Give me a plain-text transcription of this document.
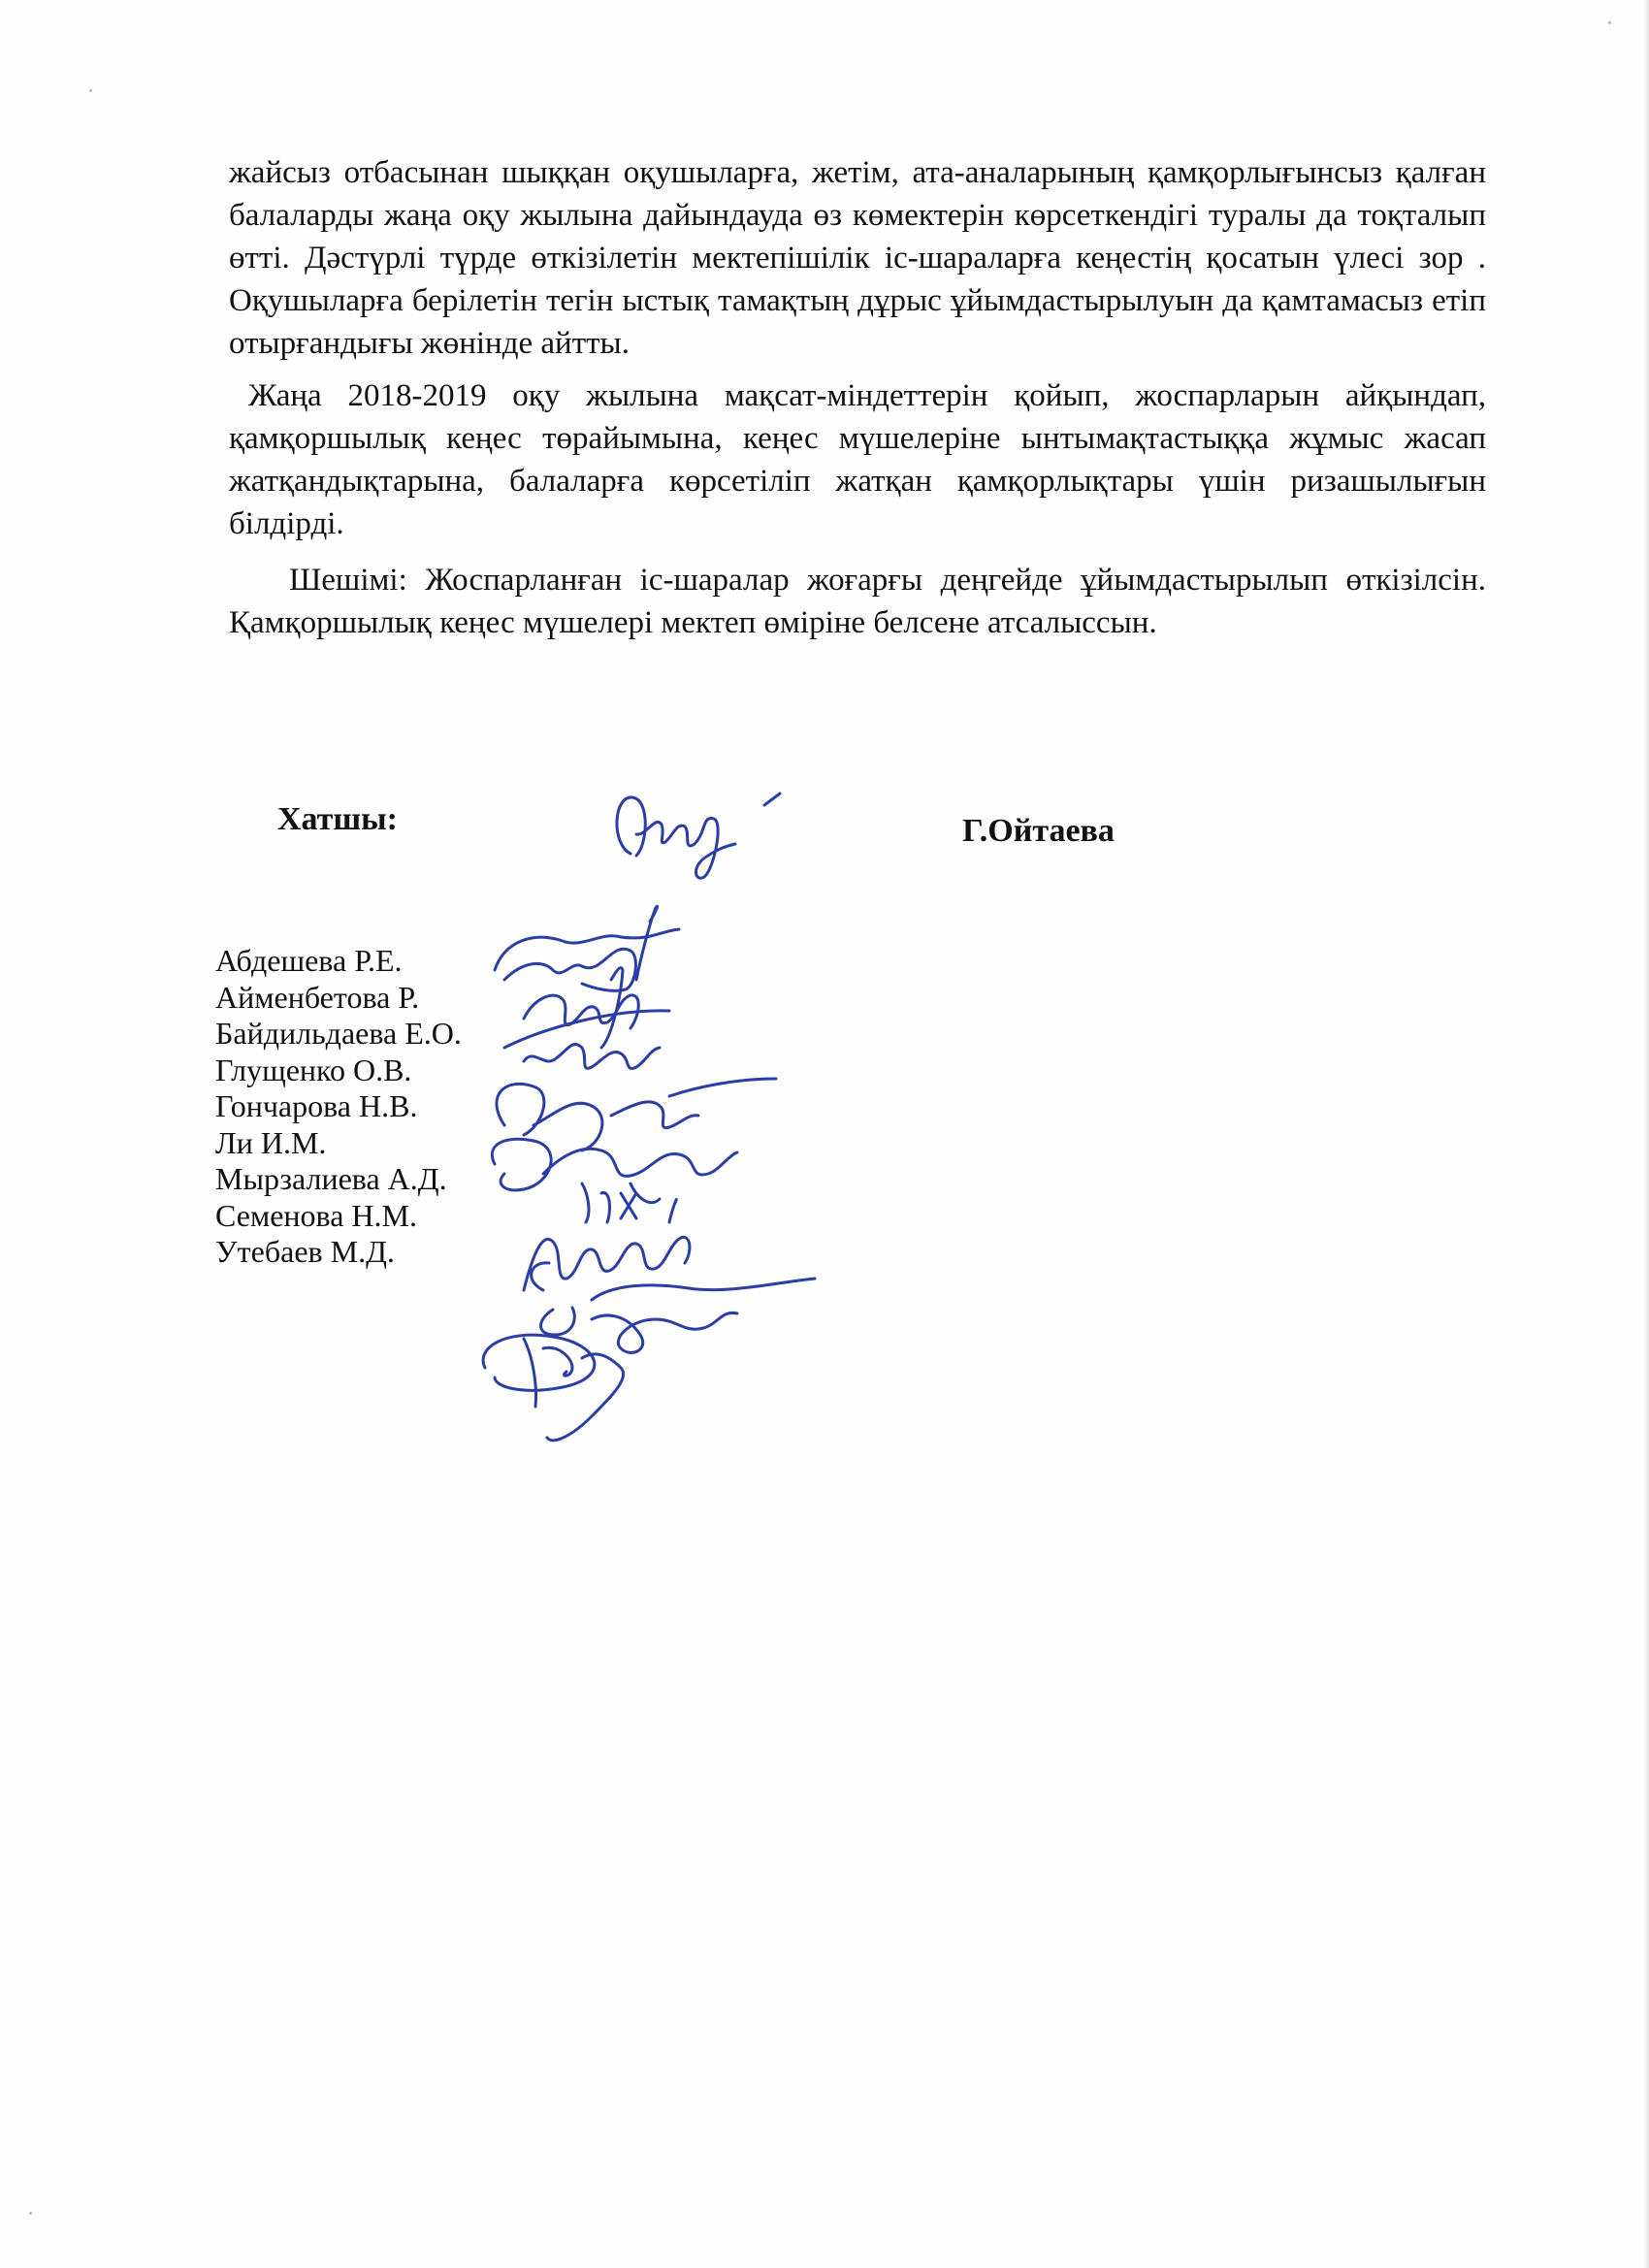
жайсыз отбасынан шыққан оқушыларға, жетім, ата-аналарының қамқорлығынсыз қалған балаларды жаңа оқу жылына дайындауда өз көмектерін көрсеткендігі туралы да тоқталып өтті. Дәстүрлі түрде өткізілетін мектепішілік іс-шараларға кеңестің қосатын үлесі зор . Оқушыларға берілетін тегін ыстық тамақтың дұрыс ұйымдастырылуын да қамтамасыз етіп отырғандығы жөнінде айтты.

Жаңа 2018-2019 оқу жылына мақсат-міндеттерін қойып, жоспарларын айқындап, қамқоршылық кеңес төрайымына, кеңес мүшелеріне ынтымақтастыққа жұмыс жасап жатқандықтарына, балаларға көрсетіліп жатқан қамқорлықтары үшін ризашылығын білдірді.

Шешімі: Жоспарланған іс-шаралар жоғарғы деңгейде ұйымдастырылып өткізілсін. Қамқоршылық кеңес мүшелері мектеп өміріне белсене атсалыссын.

Хатшы:	Г.Ойтаева
Абдешева Р.Е.
Айменбетова Р.
Байдильдаева Е.О.
Глущенко О.В.
Гончарова Н.В.
Ли И.М.
Мырзалиева А.Д.
Семенова Н.М.
Утебаев М.Д.
